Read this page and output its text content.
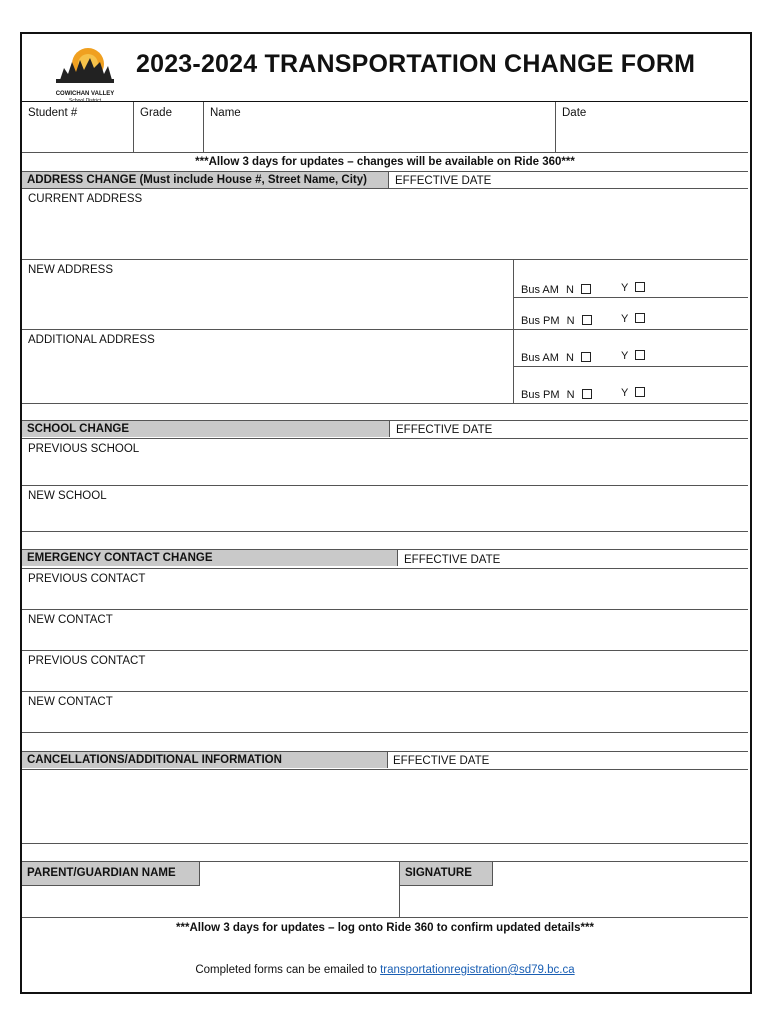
COWICHAN VALLEY
2023-2024 TRANSPORTATION CHANGE FORM
Student #	Grade	Name	Date
***Allow 3 days for updates – changes will be available on Ride 360***
ADDRESS CHANGE (Must include House #, Street Name, City)	EFFECTIVE DATE
CURRENT ADDRESS
NEW ADDRESS
Bus AM N	Y
Bus PM N	Y
ADDITIONAL ADDRESS
Bus AM N	Y
Bus PM N	Y
SCHOOL CHANGE	EFFECTIVE DATE
PREVIOUS SCHOOL
NEW SCHOOL
EMERGENCY CONTACT CHANGE	EFFECTIVE DATE
PREVIOUS CONTACT
NEW CONTACT
PREVIOUS CONTACT
NEW CONTACT
CANCELLATIONS/ADDITIONAL INFORMATION	EFFECTIVE DATE
PARENT/GUARDIAN NAME	SIGNATURE
***Allow 3 days for updates – log onto Ride 360 to confirm updated details***
Completed forms can be emailed to transportationregistration@sd79.bc.ca
